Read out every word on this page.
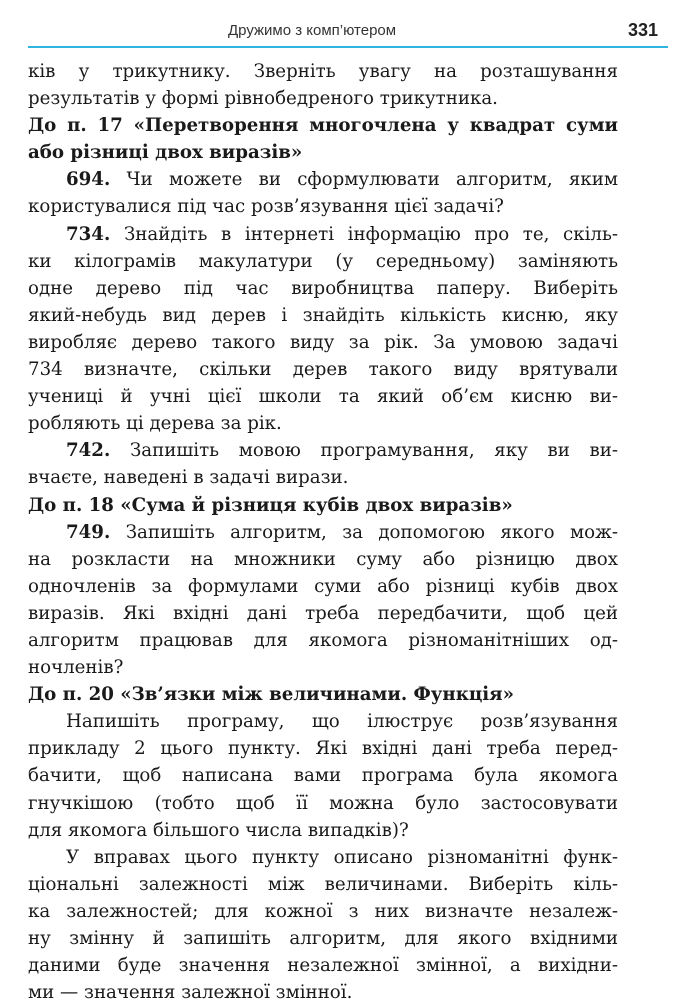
Дружимо з комп’ютером	331
ків у трикутнику. Зверніть увагу на розташування
результатів у формі рівнобедреного трикутника.
До п. 17 «Перетворення многочлена у квадрат суми
або різниці двох виразів»
694. Чи можете ви сформулювати алгоритм, яким
користувалися під час розв’язування цієї задачі?
734. Знайдіть в інтернеті інформацію про те, скіль-
ки кілограмів макулатури (у середньому) заміняють
одне дерево під час виробництва паперу. Виберіть
який-небудь вид дерев і знайдіть кількість кисню, яку
виробляє дерево такого виду за рік. За умовою задачі
734 визначте, скільки дерев такого виду врятували
учениці й учні цієї школи та який об’єм кисню ви-
робляють ці дерева за рік.
742. Запишіть мовою програмування, яку ви ви-
вчаєте, наведені в задачі вирази.
До п. 18 «Сума й різниця кубів двох виразів»
749. Запишіть алгоритм, за допомогою якого мож-
на розкласти на множники суму або різницю двох
одночленів за формулами суми або різниці кубів двох
виразів. Які вхідні дані треба передбачити, щоб цей
алгоритм працював для якомога різноманітніших од-
ночленів?
До п. 20 «Зв’язки між величинами. Функція»
Напишіть програму, що ілюструє розв’язування
прикладу 2 цього пункту. Які вхідні дані треба перед-
бачити, щоб написана вами програма була якомога
гнучкішою (тобто щоб її можна було застосовувати
для якомога більшого числа випадків)?
У вправах цього пункту описано різноманітні функ-
ціональні залежності між величинами. Виберіть кіль-
ка залежностей; для кожної з них визначте незалеж-
ну змінну й запишіть алгоритм, для якого вхідними
даними буде значення незалежної змінної, а вихідни-
ми — значення залежної змінної.
